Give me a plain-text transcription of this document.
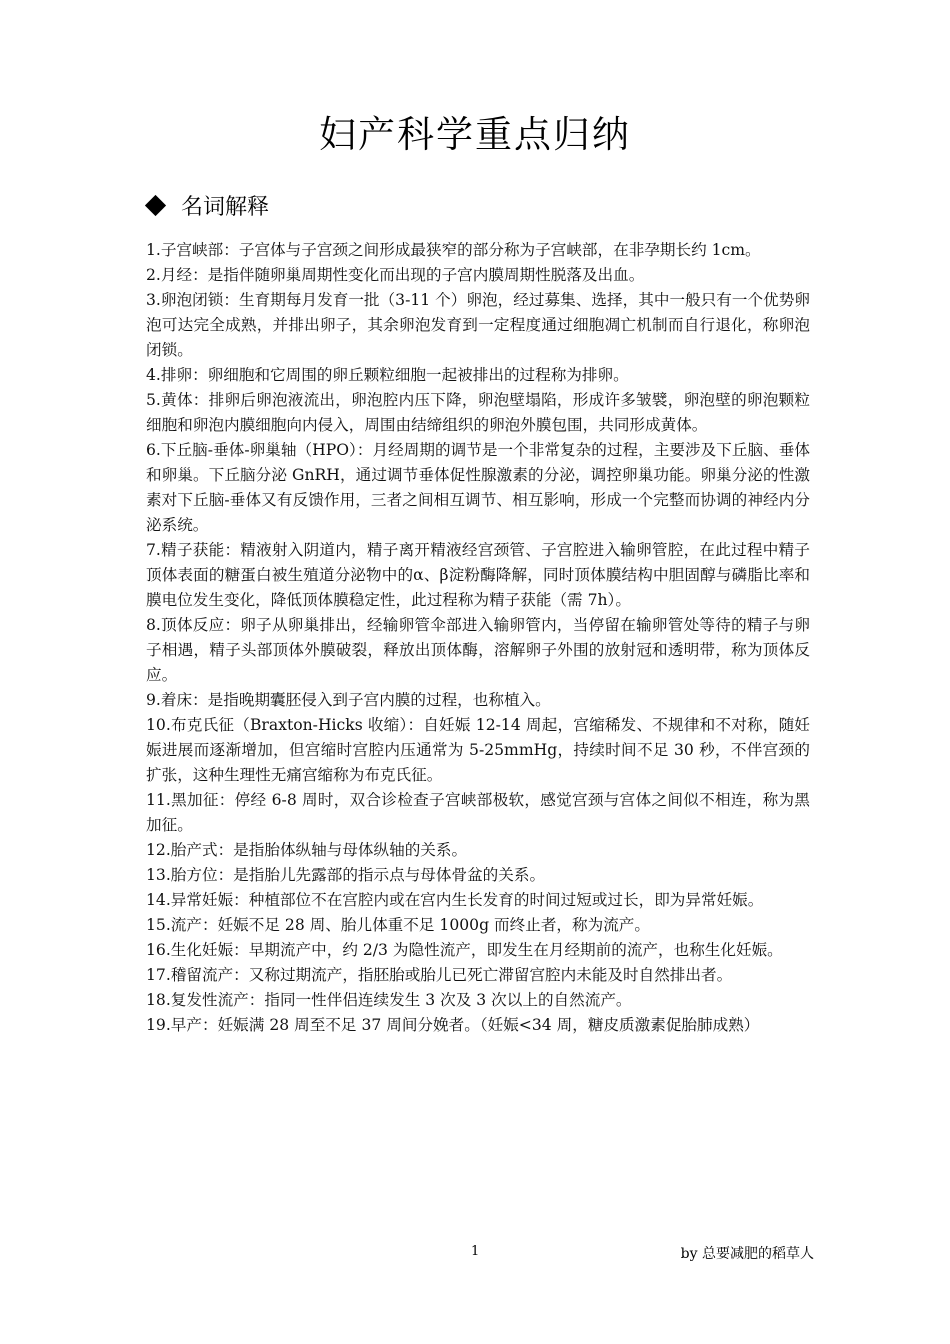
妇产科学重点归纳
名词解释
1.子宫峡部：子宫体与子宫颈之间形成最狭窄的部分称为子宫峡部，在非孕期长约 1cm。
2.月经：是指伴随卵巢周期性变化而出现的子宫内膜周期性脱落及出血。
3.卵泡闭锁：生育期每月发育一批（3-11 个）卵泡，经过募集、选择，其中一般只有一个优势卵泡可达完全成熟，并排出卵子，其余卵泡发育到一定程度通过细胞凋亡机制而自行退化，称卵泡闭锁。
4.排卵：卵细胞和它周围的卵丘颗粒细胞一起被排出的过程称为排卵。
5.黄体：排卵后卵泡液流出，卵泡腔内压下降，卵泡壁塌陷，形成许多皱襞，卵泡壁的卵泡颗粒细胞和卵泡内膜细胞向内侵入，周围由结缔组织的卵泡外膜包围，共同形成黄体。
6.下丘脑-垂体-卵巢轴（HPO）：月经周期的调节是一个非常复杂的过程，主要涉及下丘脑、垂体和卵巢。下丘脑分泌 GnRH，通过调节垂体促性腺激素的分泌，调控卵巢功能。卵巢分泌的性激素对下丘脑-垂体又有反馈作用，三者之间相互调节、相互影响，形成一个完整而协调的神经内分泌系统。
7.精子获能：精液射入阴道内，精子离开精液经宫颈管、子宫腔进入输卵管腔，在此过程中精子顶体表面的糖蛋白被生殖道分泌物中的α、β淀粉酶降解，同时顶体膜结构中胆固醇与磷脂比率和膜电位发生变化，降低顶体膜稳定性，此过程称为精子获能（需 7h）。
8.顶体反应：卵子从卵巢排出，经输卵管伞部进入输卵管内，当停留在输卵管处等待的精子与卵子相遇，精子头部顶体外膜破裂，释放出顶体酶，溶解卵子外围的放射冠和透明带，称为顶体反应。
9.着床：是指晚期囊胚侵入到子宫内膜的过程，也称植入。
10.布克氏征（Braxton-Hicks 收缩）：自妊娠 12-14 周起，宫缩稀发、不规律和不对称，随妊娠进展而逐渐增加，但宫缩时宫腔内压通常为 5-25mmHg，持续时间不足 30 秒，不伴宫颈的扩张，这种生理性无痛宫缩称为布克氏征。
11.黑加征：停经 6-8 周时，双合诊检查子宫峡部极软，感觉宫颈与宫体之间似不相连，称为黑加征。
12.胎产式：是指胎体纵轴与母体纵轴的关系。
13.胎方位：是指胎儿先露部的指示点与母体骨盆的关系。
14.异常妊娠：种植部位不在宫腔内或在宫内生长发育的时间过短或过长，即为异常妊娠。
15.流产：妊娠不足 28 周、胎儿体重不足 1000g 而终止者，称为流产。
16.生化妊娠：早期流产中，约 2/3 为隐性流产，即发生在月经期前的流产，也称生化妊娠。
17.稽留流产：又称过期流产，指胚胎或胎儿已死亡滞留宫腔内未能及时自然排出者。
18.复发性流产：指同一性伴侣连续发生 3 次及 3 次以上的自然流产。
19.早产：妊娠满 28 周至不足 37 周间分娩者。（妊娠<34 周，糖皮质激素促胎肺成熟）
1	by 总要减肥的稻草人
